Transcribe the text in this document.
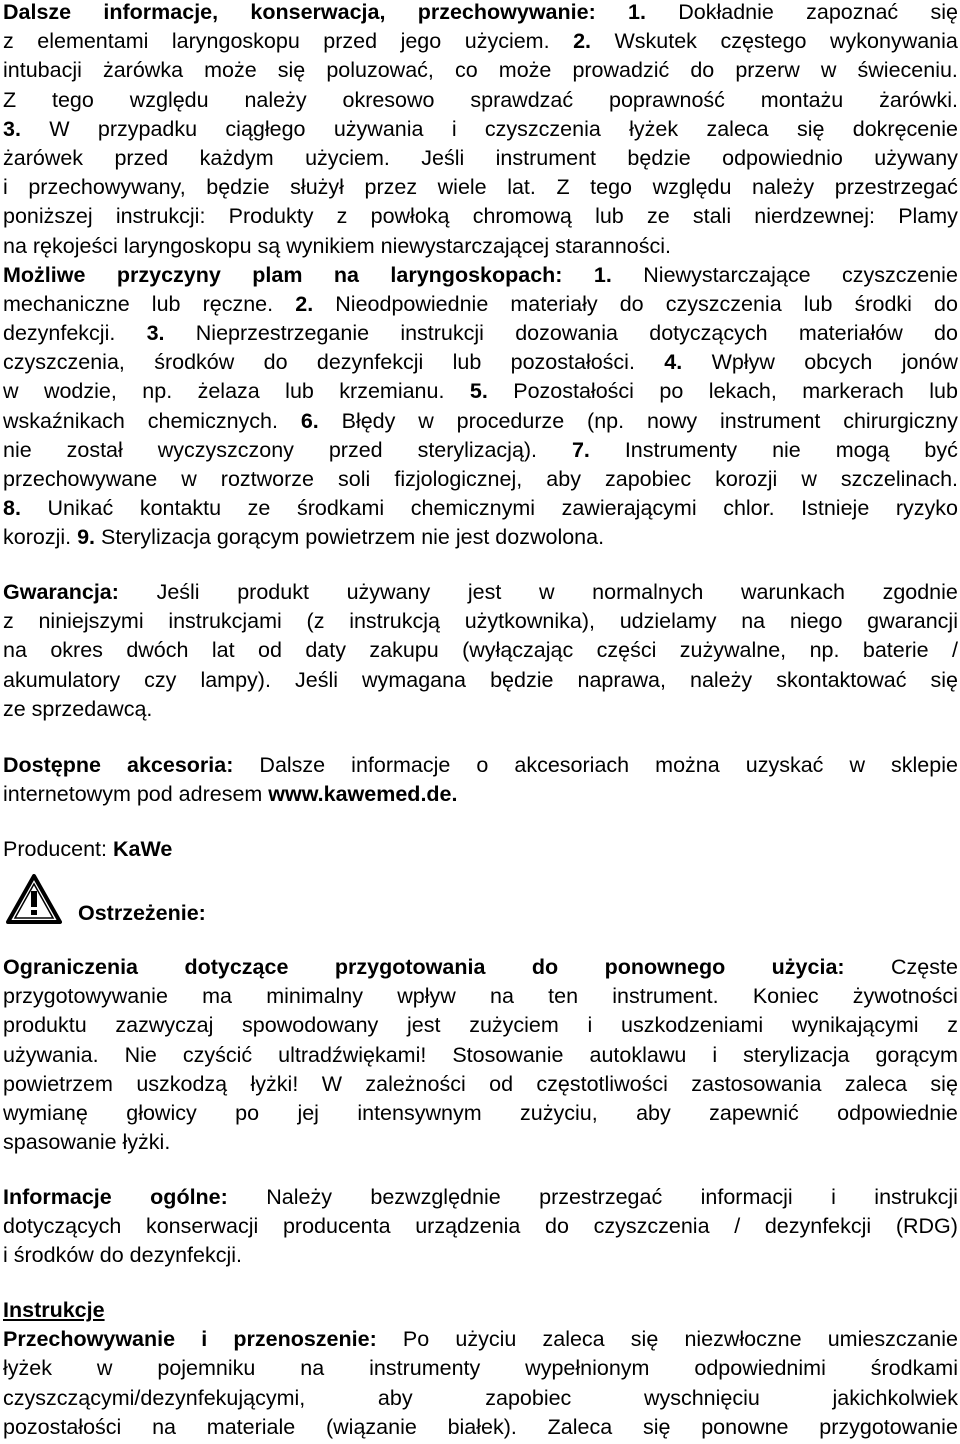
Dalsze informacje, konserwacja, przechowywanie: 1. Dokładnie zapoznać się
z elementami laryngoskopu przed jego użyciem. 2. Wskutek częstego wykonywania
intubacji żarówka może się poluzować, co może prowadzić do przerw w świeceniu.
Z tego względu należy okresowo sprawdzać poprawność montażu żarówki.
3. W przypadku ciągłego używania i czyszczenia łyżek zaleca się dokręcenie
żarówek przed każdym użyciem. Jeśli instrument będzie odpowiednio używany
i przechowywany, będzie służył przez wiele lat. Z tego względu należy przestrzegać
poniższej instrukcji: Produkty z powłoką chromową lub ze stali nierdzewnej: Plamy
na rękojeści laryngoskopu są wynikiem niewystarczającej staranności.
Możliwe przyczyny plam na laryngoskopach: 1. Niewystarczające czyszczenie
mechaniczne lub ręczne. 2. Nieodpowiednie materiały do czyszczenia lub środki do
dezynfekcji. 3. Nieprzestrzeganie instrukcji dozowania dotyczących materiałów do
czyszczenia, środków do dezynfekcji lub pozostałości. 4. Wpływ obcych jonów
w wodzie, np. żelaza lub krzemianu. 5. Pozostałości po lekach, markerach lub
wskaźnikach chemicznych. 6. Błędy w procedurze (np. nowy instrument chirurgiczny
nie został wyczyszczony przed sterylizacją). 7. Instrumenty nie mogą być
przechowywane w roztworze soli fizjologicznej, aby zapobiec korozji w szczelinach.
8. Unikać kontaktu ze środkami chemicznymi zawierającymi chlor. Istnieje ryzyko
korozji. 9. Sterylizacja gorącym powietrzem nie jest dozwolona.
Gwarancja: Jeśli produkt używany jest w normalnych warunkach zgodnie
z niniejszymi instrukcjami (z instrukcją użytkownika), udzielamy na niego gwarancji
na okres dwóch lat od daty zakupu (wyłączając części zużywalne, np. baterie /
akumulatory czy lampy). Jeśli wymagana będzie naprawa, należy skontaktować się
ze sprzedawcą.
Dostępne akcesoria: Dalsze informacje o akcesoriach można uzyskać w sklepie
internetowym pod adresem www.kawemed.de.
Producent: KaWe
Ostrzeżenie:
Ograniczenia dotyczące przygotowania do ponownego użycia: Częste
przygotowywanie ma minimalny wpływ na ten instrument. Koniec żywotności
produktu zazwyczaj spowodowany jest zużyciem i uszkodzeniami wynikającymi z
używania. Nie czyścić ultradźwiękami! Stosowanie autoklawu i sterylizacja gorącym
powietrzem uszkodzą łyżki! W zależności od częstotliwości zastosowania zaleca się
wymianę głowicy po jej intensywnym zużyciu, aby zapewnić odpowiednie
spasowanie łyżki.
Informacje ogólne: Należy bezwzględnie przestrzegać informacji i instrukcji
dotyczących konserwacji producenta urządzenia do czyszczenia / dezynfekcji (RDG)
i środków do dezynfekcji.
Instrukcje
Przechowywanie i przenoszenie: Po użyciu zaleca się niezwłoczne umieszczanie
łyżek w pojemniku na instrumenty wypełnionym odpowiednimi środkami
czyszczącymi/dezynfekującymi,	aby	zapobiec	wyschnięciu	jakichkolwiek
pozostałości na materiale (wiązanie białek). Zaleca się ponowne przygotowanie
